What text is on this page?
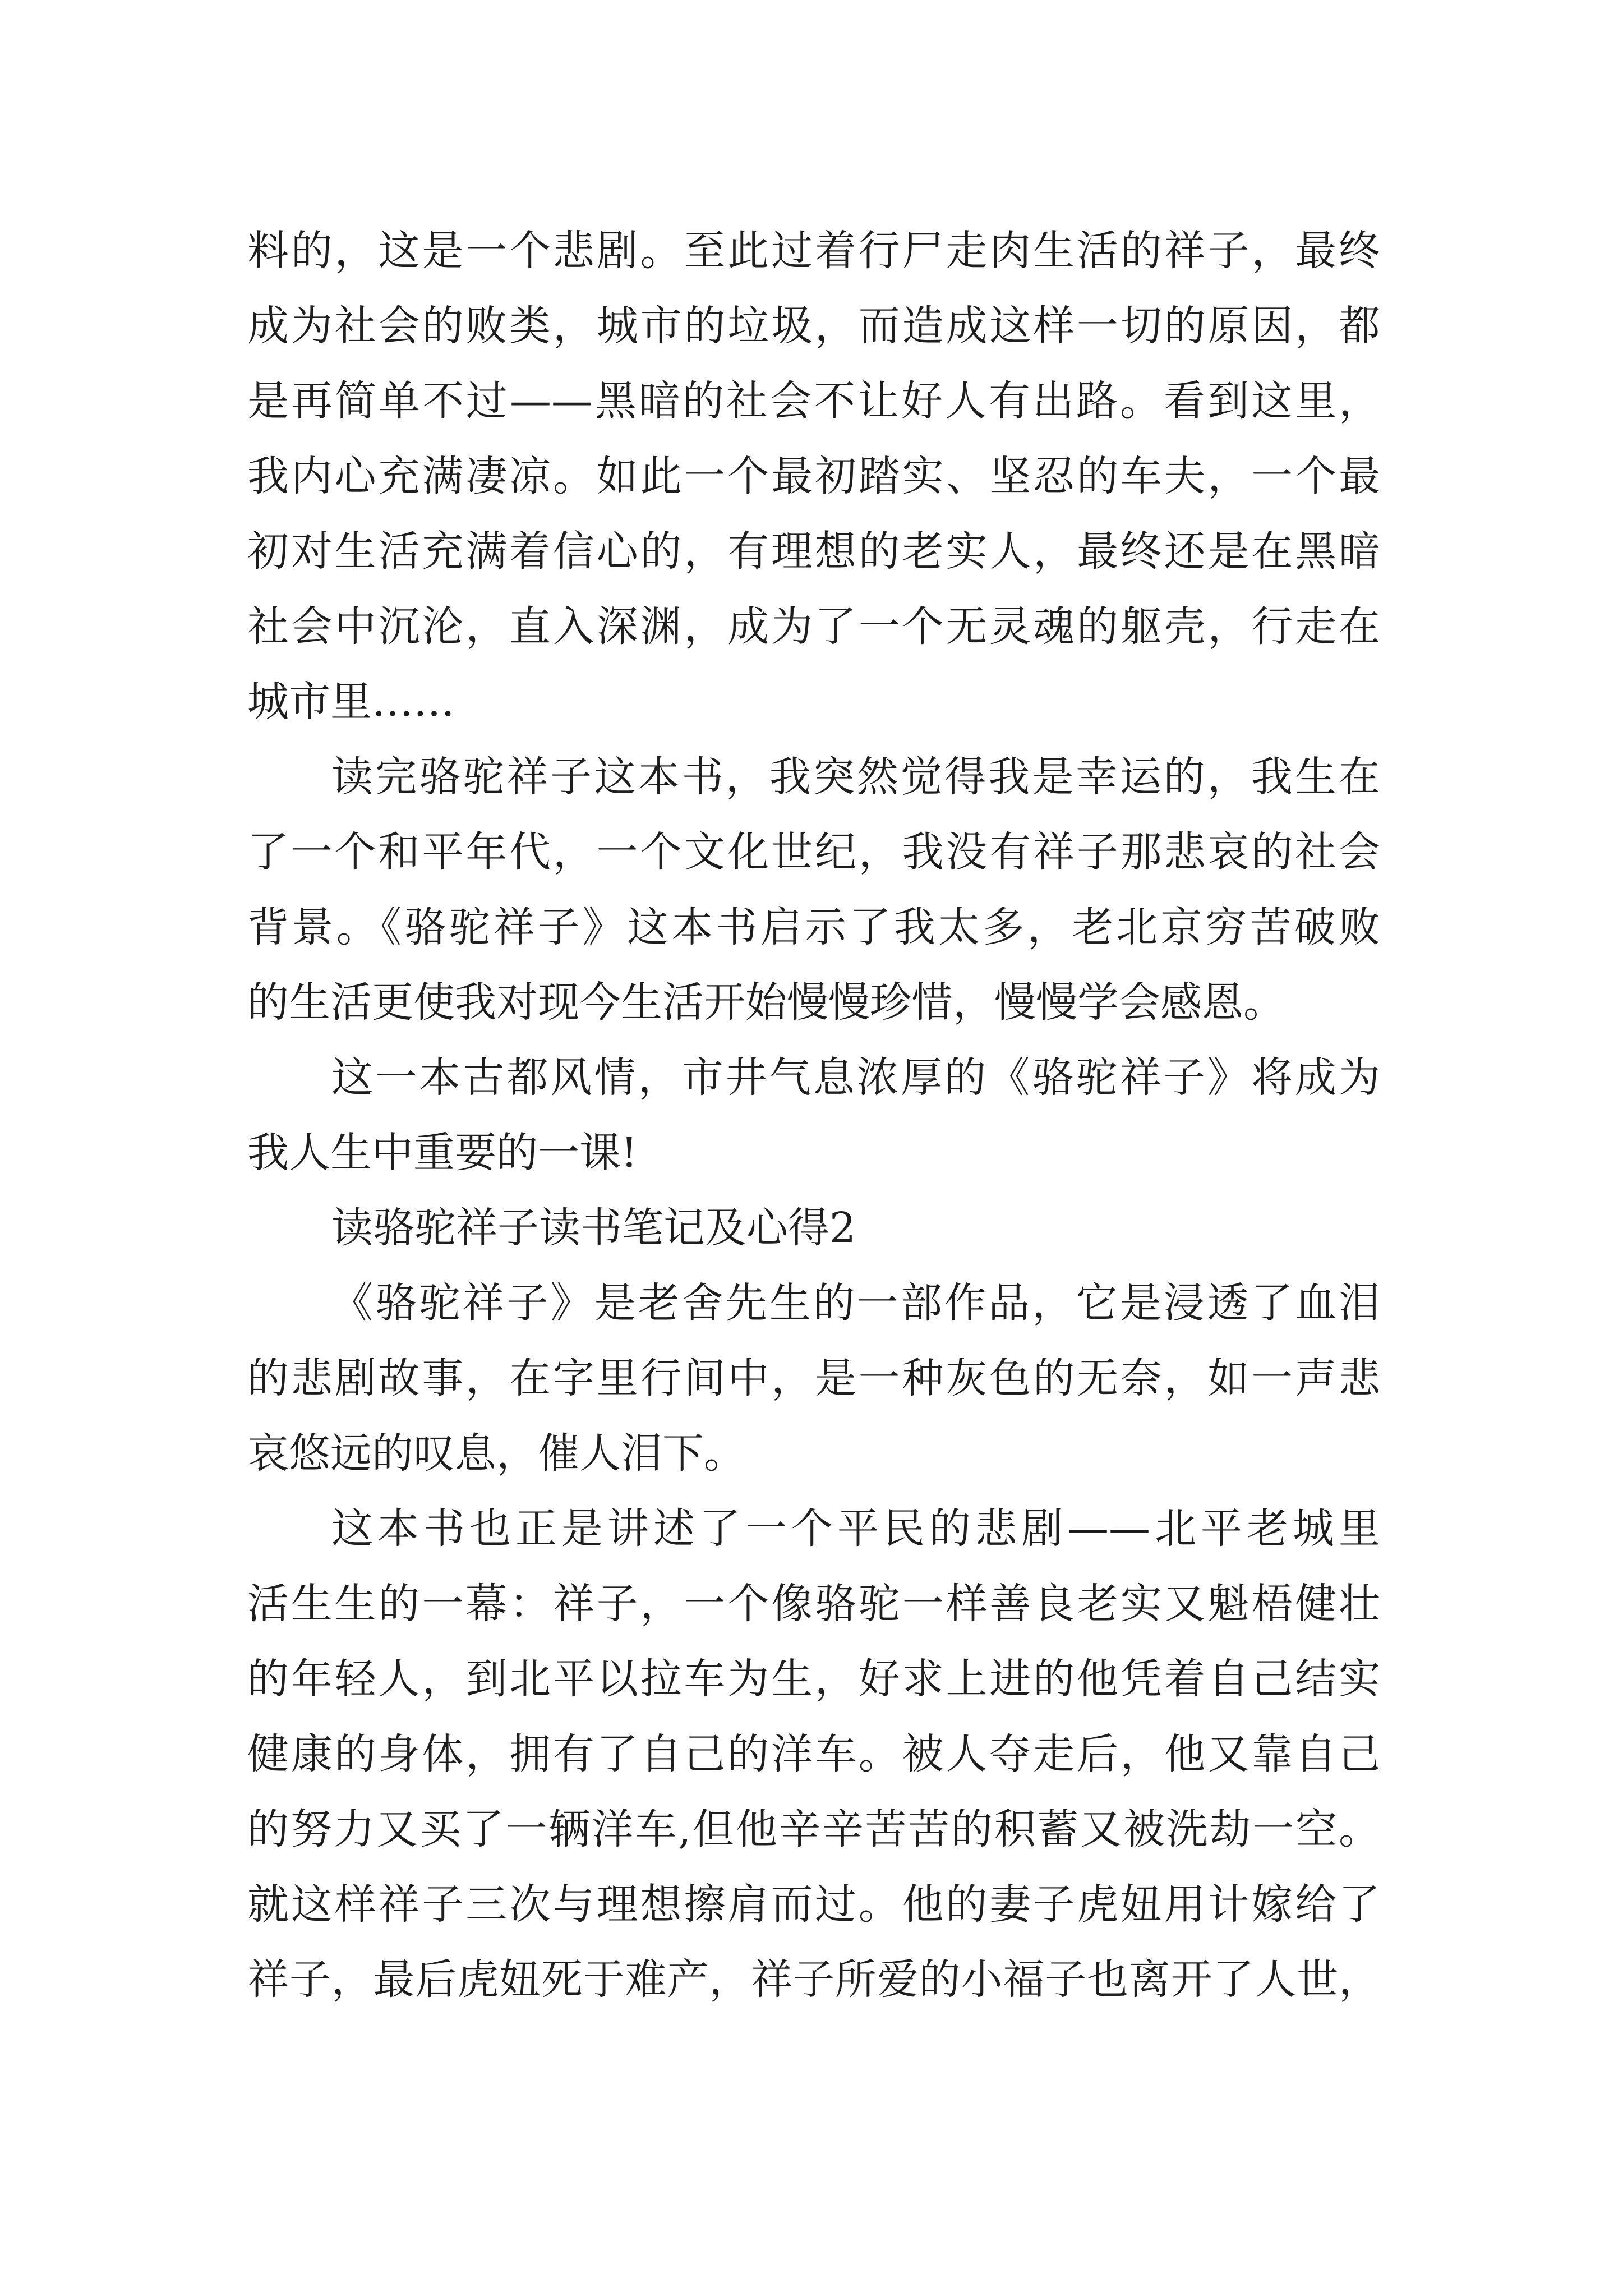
料的，这是一个悲剧。至此过着行尸走肉生活的祥子，最终
成为社会的败类，城市的垃圾，而造成这样一切的原因，都
是再简单不过——黑暗的社会不让好人有出路。看到这里，
我内心充满凄凉。如此一个最初踏实、坚忍的车夫，一个最
初对生活充满着信心的，有理想的老实人，最终还是在黑暗
社会中沉沦，直入深渊，成为了一个无灵魂的躯壳，行走在
城市里……
读完骆驼祥子这本书，我突然觉得我是幸运的，我生在
了一个和平年代，一个文化世纪，我没有祥子那悲哀的社会
背景。《骆驼祥子》这本书启示了我太多，老北京穷苦破败
的生活更使我对现今生活开始慢慢珍惜，慢慢学会感恩。
这一本古都风情，市井气息浓厚的《骆驼祥子》将成为
我人生中重要的一课!
读骆驼祥子读书笔记及心得2
《骆驼祥子》是老舍先生的一部作品，它是浸透了血泪
的悲剧故事，在字里行间中，是一种灰色的无奈，如一声悲
哀悠远的叹息，催人泪下。
这本书也正是讲述了一个平民的悲剧——北平老城里
活生生的一幕：祥子，一个像骆驼一样善良老实又魁梧健壮
的年轻人，到北平以拉车为生，好求上进的他凭着自己结实
健康的身体，拥有了自己的洋车。被人夺走后，他又靠自己
的努力又买了一辆洋车,但他辛辛苦苦的积蓄又被洗劫一空。
就这样祥子三次与理想擦肩而过。他的妻子虎妞用计嫁给了
祥子，最后虎妞死于难产，祥子所爱的小福子也离开了人世，
